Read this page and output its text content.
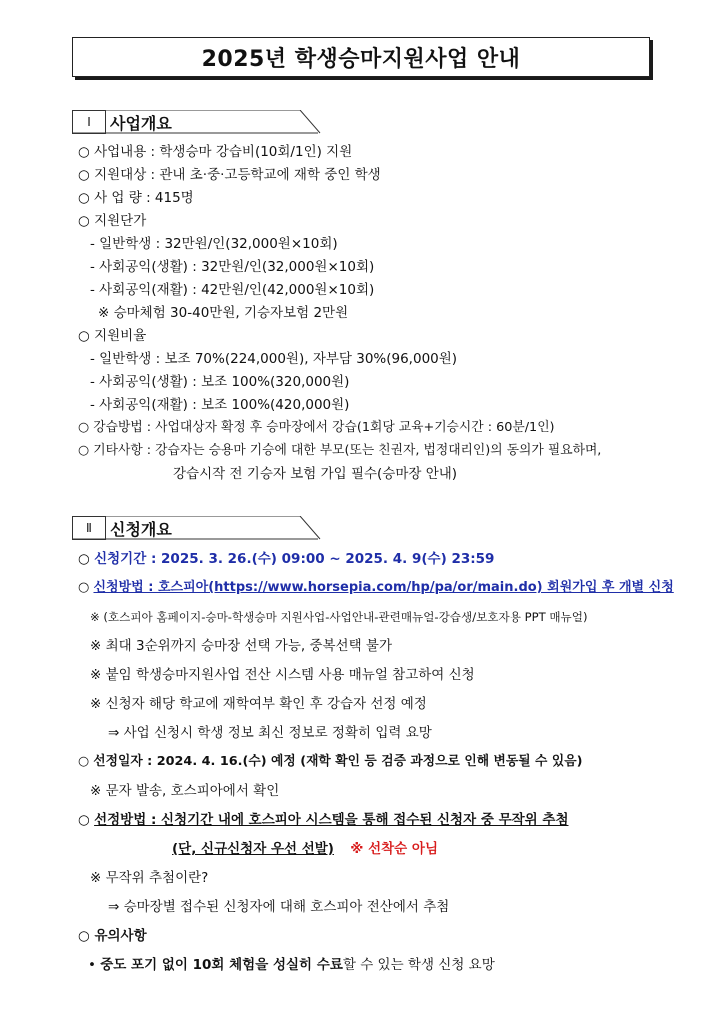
2025년 학생승마지원사업 안내
Ⅰ	사업개요
○ 사업내용 : 학생승마 강습비(10회/1인) 지원
○ 지원대상 : 관내 초·중·고등학교에 재학 중인 학생
○ 사 업 량 : 415명
○ 지원단가
- 일반학생 : 32만원/인(32,000원×10회)
- 사회공익(생활) : 32만원/인(32,000원×10회)
- 사회공익(재활) : 42만원/인(42,000원×10회)
※ 승마체험 30-40만원, 기승자보험 2만원
○ 지원비율
- 일반학생 : 보조 70%(224,000원), 자부담 30%(96,000원)
- 사회공익(생활) : 보조 100%(320,000원)
- 사회공익(재활) : 보조 100%(420,000원)
○ 강습방법 : 사업대상자 확정 후 승마장에서 강습(1회당 교육+기승시간 : 60분/1인)
○ 기타사항 : 강습자는 승용마 기승에 대한 부모(또는 친권자, 법정대리인)의 동의가 필요하며,
강습시작 전 기승자 보험 가입 필수(승마장 안내)
Ⅱ	신청개요
○ 신청기간 : 2025. 3. 26.(수) 09:00 ~ 2025. 4. 9(수) 23:59
○ 신청방법 : 호스피아(https://www.horsepia.com/hp/pa/or/main.do) 회원가입 후 개별 신청
※ (호스피아 홈페이지-승마-학생승마 지원사업-사업안내-관련매뉴얼-강습생/보호자용 PPT 매뉴얼)
※ 최대 3순위까지 승마장 선택 가능, 중복선택 불가
※ 붙임 학생승마지원사업 전산 시스템 사용 매뉴얼 참고하여 신청
※ 신청자 해당 학교에 재학여부 확인 후 강습자 선정 예정
⇒ 사업 신청시 학생 정보 최신 정보로 정확히 입력 요망
○ 선정일자 : 2024. 4. 16.(수) 예정 (재학 확인 등 검증 과정으로 인해 변동될 수 있음)
※ 문자 발송, 호스피아에서 확인
○ 선정방법 : 신청기간 내에 호스피아 시스템을 통해 접수된 신청자 중 무작위 추첨
(단, 신규신청자 우선 선발) ※ 선착순 아님
※ 무작위 추첨이란?
⇒ 승마장별 접수된 신청자에 대해 호스피아 전산에서 추첨
○ 유의사항
• 중도 포기 없이 10회 체험을 성실히 수료할 수 있는 학생 신청 요망
